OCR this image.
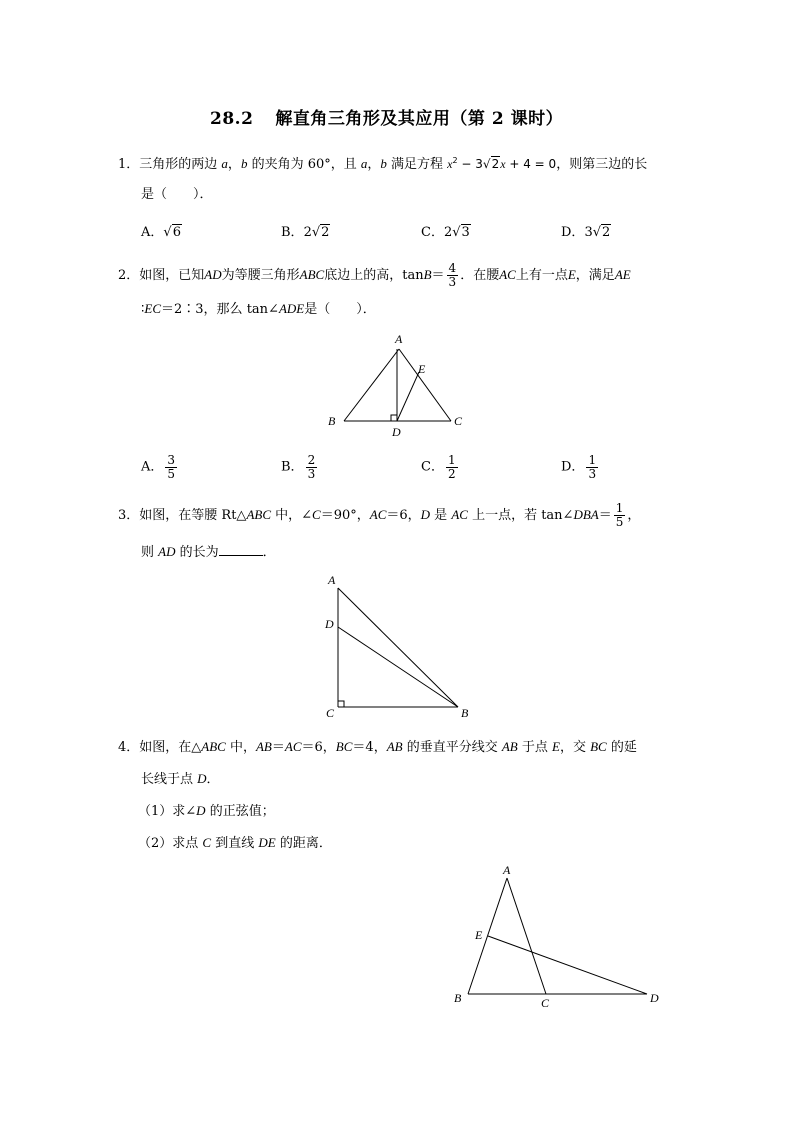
28.2 解直角三角形及其应用（第 2 课时）
1．三角形的两边 a，b 的夹角为 60°，且 a，b 满足方程 $x^2 - 3√2x + 4 = 0$，则第三边的长
是（　　）．
A．√6	B．2√2	C．2√3	D．3√2
2．如图，已知AD为等腰三角形ABC底边上的高，$\tan B= \frac{4}{3}$ ．在腰AC上有一点E，满足AE
∶EC＝2∶3，那么 tan∠ADE是（　　）．
A
E
B
D
C
A． $\frac{3}{5}$	B． $\frac{2}{3}$	C． $\frac{1}{2}$	D． $\frac{1}{3}$
3．如图，在等腰 Rt△ABC 中，∠C＝90°，AC＝6，D 是 AC 上一点，若 tan∠DBA＝ $\frac{1}{5}$ ，
则 AD 的长为	．
A
D
C	B
4．如图，在△ABC 中，AB＝AC＝6，BC＝4，AB 的垂直平分线交 AB 于点 E，交 BC 的延
长线于点 D．
（1）求∠D 的正弦值；
（2）求点 C 到直线 DE 的距离．
A
E
B	C	D
